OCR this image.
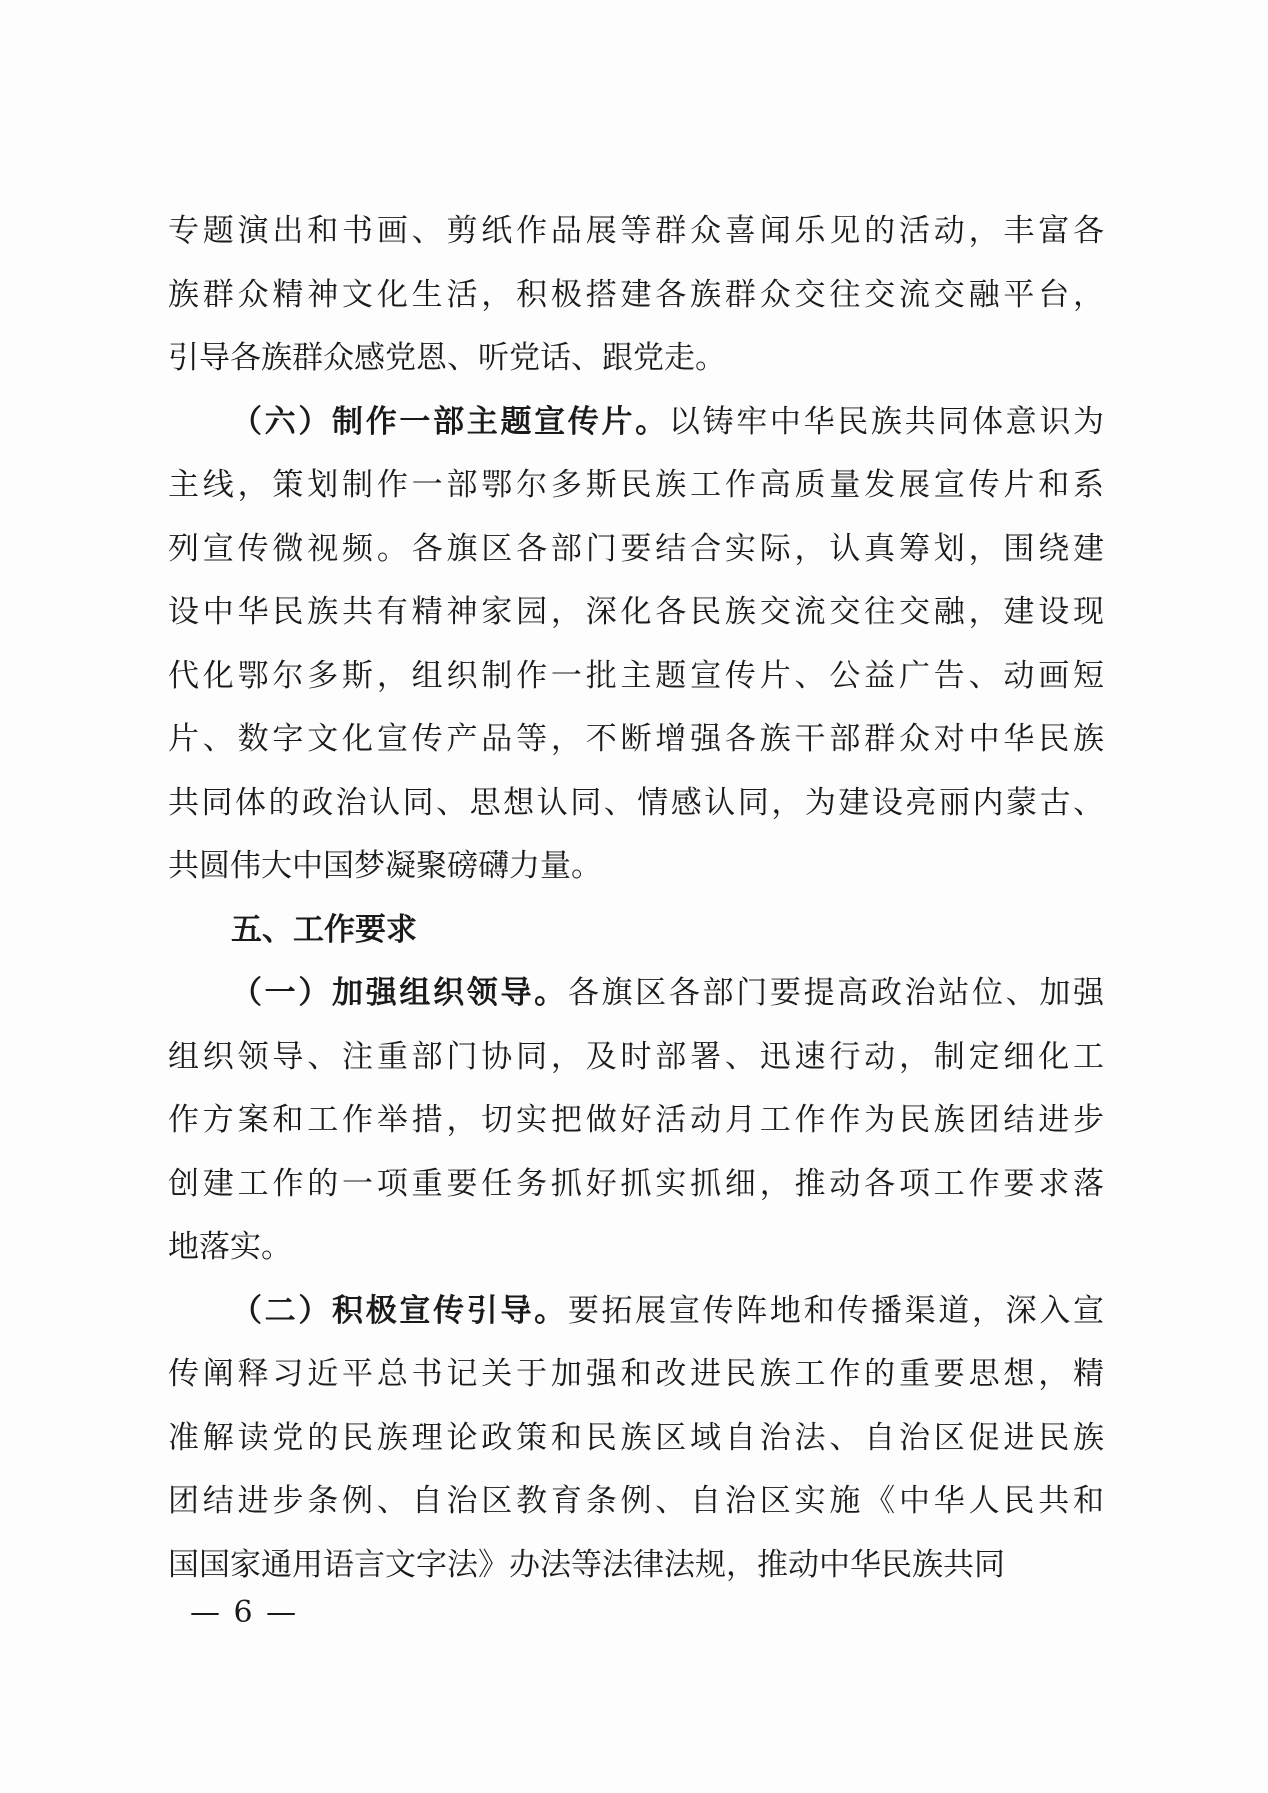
专题演出和书画、剪纸作品展等群众喜闻乐见的活动，丰富各
族群众精神文化生活，积极搭建各族群众交往交流交融平台，
引导各族群众感党恩、听党话、跟党走。
（六）制作一部主题宣传片。以铸牢中华民族共同体意识为
主线，策划制作一部鄂尔多斯民族工作高质量发展宣传片和系
列宣传微视频。各旗区各部门要结合实际，认真筹划，围绕建
设中华民族共有精神家园，深化各民族交流交往交融，建设现
代化鄂尔多斯，组织制作一批主题宣传片、公益广告、动画短
片、数字文化宣传产品等，不断增强各族干部群众对中华民族
共同体的政治认同、思想认同、情感认同，为建设亮丽内蒙古、
共圆伟大中国梦凝聚磅礴力量。
五、工作要求
（一）加强组织领导。各旗区各部门要提高政治站位、加强
组织领导、注重部门协同，及时部署、迅速行动，制定细化工
作方案和工作举措，切实把做好活动月工作作为民族团结进步
创建工作的一项重要任务抓好抓实抓细，推动各项工作要求落
地落实。
（二）积极宣传引导。要拓展宣传阵地和传播渠道，深入宣
传阐释习近平总书记关于加强和改进民族工作的重要思想，精
准解读党的民族理论政策和民族区域自治法、自治区促进民族
团结进步条例、自治区教育条例、自治区实施《中华人民共和
国国家通用语言文字法》办法等法律法规，推动中华民族共同
— 6 —
